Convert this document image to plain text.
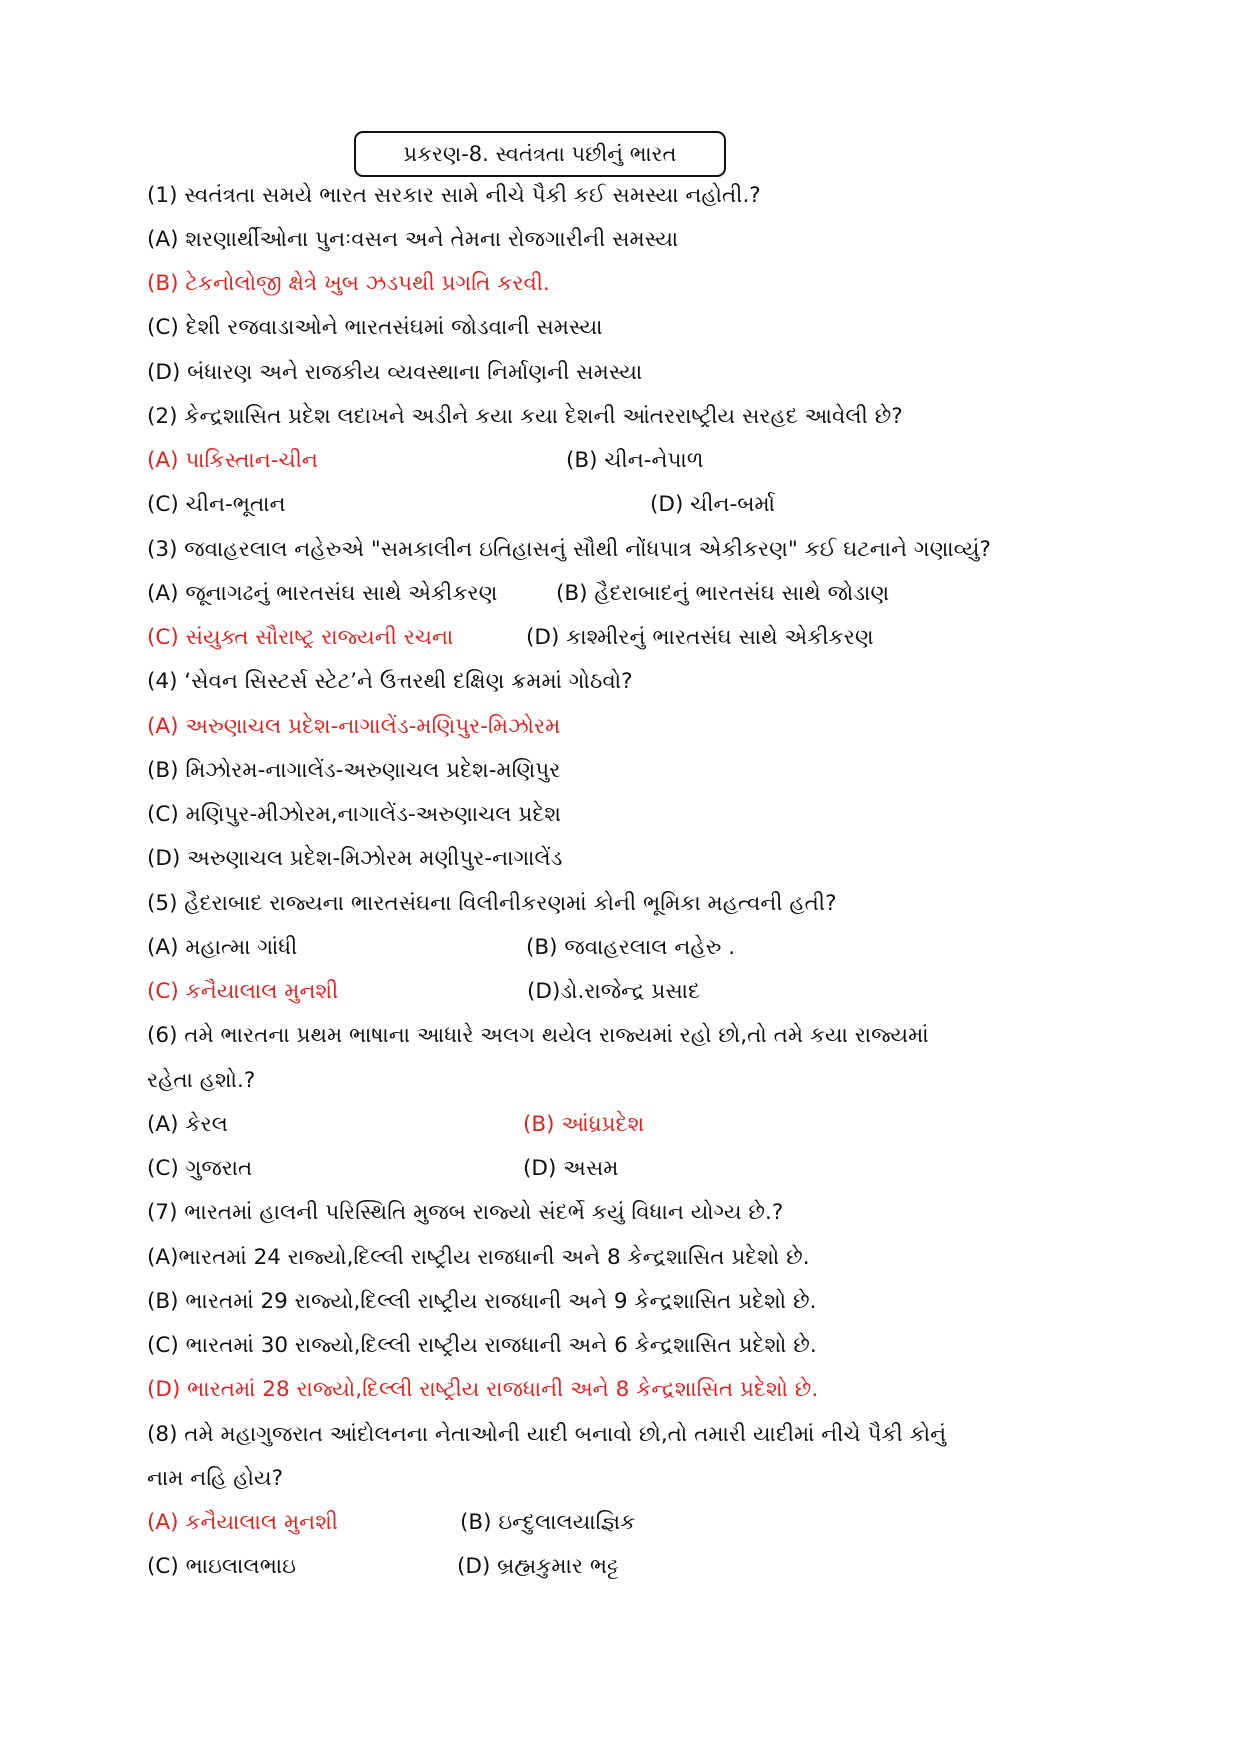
પ્રકરણ-8. સ્વતંત્રતા પછીનું ભારત
(1) સ્વતંત્રતા સમયે ભારત સરકાર સામે નીચે પૈકી કઈ સમસ્યા નહોતી.?
(A) શરણાર્થીઓના પુનઃવસન અને તેમના રોજગારીની સમસ્યા
(B) ટેકનોલોજી ક્ષેત્રે ખુબ ઝડપથી પ્રગતિ કરવી.
(C) દેશી રજવાડાઓને ભારતસંઘમાં જોડવાની સમસ્યા
(D) બંધારણ અને રાજકીય વ્યવસ્થાના નિર્માણની સમસ્યા
(2) કેન્દ્રશાસિત પ્રદેશ લદાખને અડીને કયા કયા દેશની આંતરરાષ્ટ્રીય સરહદ આવેલી છે?
(A) પાકિસ્તાન-ચીન	(B) ચીન-નેપાળ
(C) ચીન-ભૂતાન	(D) ચીન-બર્મા
(3) જવાહરલાલ નહેરુએ "સમકાલીન ઇતિહાસનું સૌથી નોંધપાત્ર એકીકરણ" કઈ ઘટનાને ગણાવ્યું?
(A) જૂનાગઢનું ભારતસંઘ સાથે એકીકરણ	(B) હૈદરાબાદનું ભારતસંઘ સાથે જોડાણ
(C) સંયુક્ત સૌરાષ્ટ્ર રાજ્યની રચના	(D) કાશ્મીરનું ભારતસંઘ સાથે એકીકરણ
(4) ‘સેવન સિસ્ટર્સ સ્ટેટ’ને ઉત્તરથી દક્ષિણ ક્રમમાં ગોઠવો?
(A) અરુણાચલ પ્રદેશ-નાગાલેંડ-મણિપુર-મિઝોરમ
(B) મિઝોરમ-નાગાલેંડ-અરુણાચલ પ્રદેશ-મણિપુર
(C) મણિપુર-મીઝોરમ,નાગાલેંડ-અરુણાચલ પ્રદેશ
(D) અરુણાચલ પ્રદેશ-મિઝોરમ મણીપુર-નાગાલેંડ
(5) હૈદરાબાદ રાજ્યના ભારતસંઘના વિલીનીકરણમાં કોની ભૂમિકા મહત્વની હતી?
(A) મહાત્મા ગાંધી	(B) જવાહરલાલ નહેરુ .
(C) કનૈયાલાલ મુનશી	(D)ડો.રાજેન્દ્ર પ્રસાદ
(6) તમે ભારતના પ્રથમ ભાષાના આધારે અલગ થયેલ રાજ્યમાં રહો છો,તો તમે કયા રાજ્યમાં
રહેતા હશો.?
(A) કેરલ	(B) આંધ્રપ્રદેશ
(C) ગુજરાત	(D) અસમ
(7) ભારતમાં હાલની પરિસ્થિતિ મુજબ રાજ્યો સંદર્ભે કયું વિધાન યોગ્ય છે.?
(A)ભારતમાં 24 રાજ્યો,દિલ્લી રાષ્ટ્રીય રાજધાની અને 8 કેન્દ્રશાસિત પ્રદેશો છે.
(B) ભારતમાં 29 રાજ્યો,દિલ્લી રાષ્ટ્રીય રાજધાની અને 9 કેન્દ્રશાસિત પ્રદેશો છે.
(C) ભારતમાં 30 રાજ્યો,દિલ્લી રાષ્ટ્રીય રાજધાની અને 6 કેન્દ્રશાસિત પ્રદેશો છે.
(D) ભારતમાં 28 રાજ્યો,દિલ્લી રાષ્ટ્રીય રાજધાની અને 8 કેન્દ્રશાસિત પ્રદેશો છે.
(8) તમે મહાગુજરાત આંદોલનના નેતાઓની યાદી બનાવો છો,તો તમારી યાદીમાં નીચે પૈકી કોનું
નામ નહિ હોય?
(A) કનૈયાલાલ મુનશી	(B) ઇન્દુલાલયાજ્ઞિક
(C) ભાઇલાલભાઇ	(D) બ્રહ્મકુમાર ભટ્ટ
